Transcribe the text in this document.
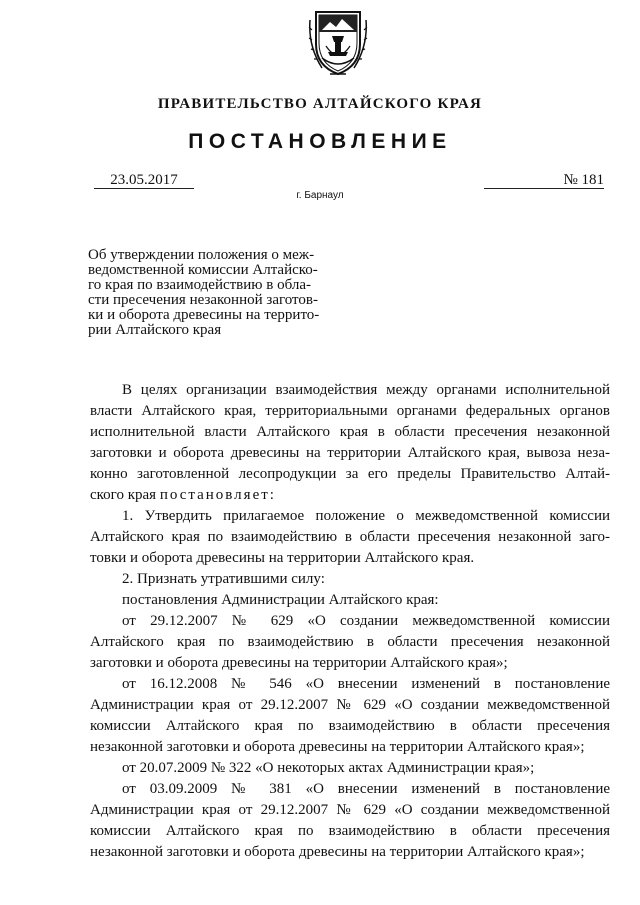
ПРАВИТЕЛЬСТВО АЛТАЙСКОГО КРАЯ
ПОСТАНОВЛЕНИЕ
23.05.2017	№ 181
г. Барнаул
Об утверждении положения о меж-
ведомственной комиссии Алтайско-
го края по взаимодействию в обла-
сти пресечения незаконной заготов-
ки и оборота древесины на террито-
рии Алтайского края
В целях организации взаимодействия между органами исполнительной
власти Алтайского края, территориальными органами федеральных органов
исполнительной власти Алтайского края в области пресечения незаконной
заготовки и оборота древесины на территории Алтайского края, вывоза неза-
конно заготовленной лесопродукции за его пределы Правительство Алтай-
ского края постановляет:
1. Утвердить прилагаемое положение о межведомственной комиссии
Алтайского края по взаимодействию в области пресечения незаконной заго-
товки и оборота древесины на территории Алтайского края.
2. Признать утратившими силу:
постановления Администрации Алтайского края:
от 29.12.2007 № 629 «О создании межведомственной комиссии
Алтайского края по взаимодействию в области пресечения незаконной
заготовки и оборота древесины на территории Алтайского края»;
от 16.12.2008 № 546 «О внесении изменений в постановление
Администрации края от 29.12.2007 № 629 «О создании межведомственной
комиссии Алтайского края по взаимодействию в области пресечения
незаконной заготовки и оборота древесины на территории Алтайского края»;
от 20.07.2009 № 322 «О некоторых актах Администрации края»;
от 03.09.2009 № 381 «О внесении изменений в постановление
Администрации края от 29.12.2007 № 629 «О создании межведомственной
комиссии Алтайского края по взаимодействию в области пресечения
незаконной заготовки и оборота древесины на территории Алтайского края»;
